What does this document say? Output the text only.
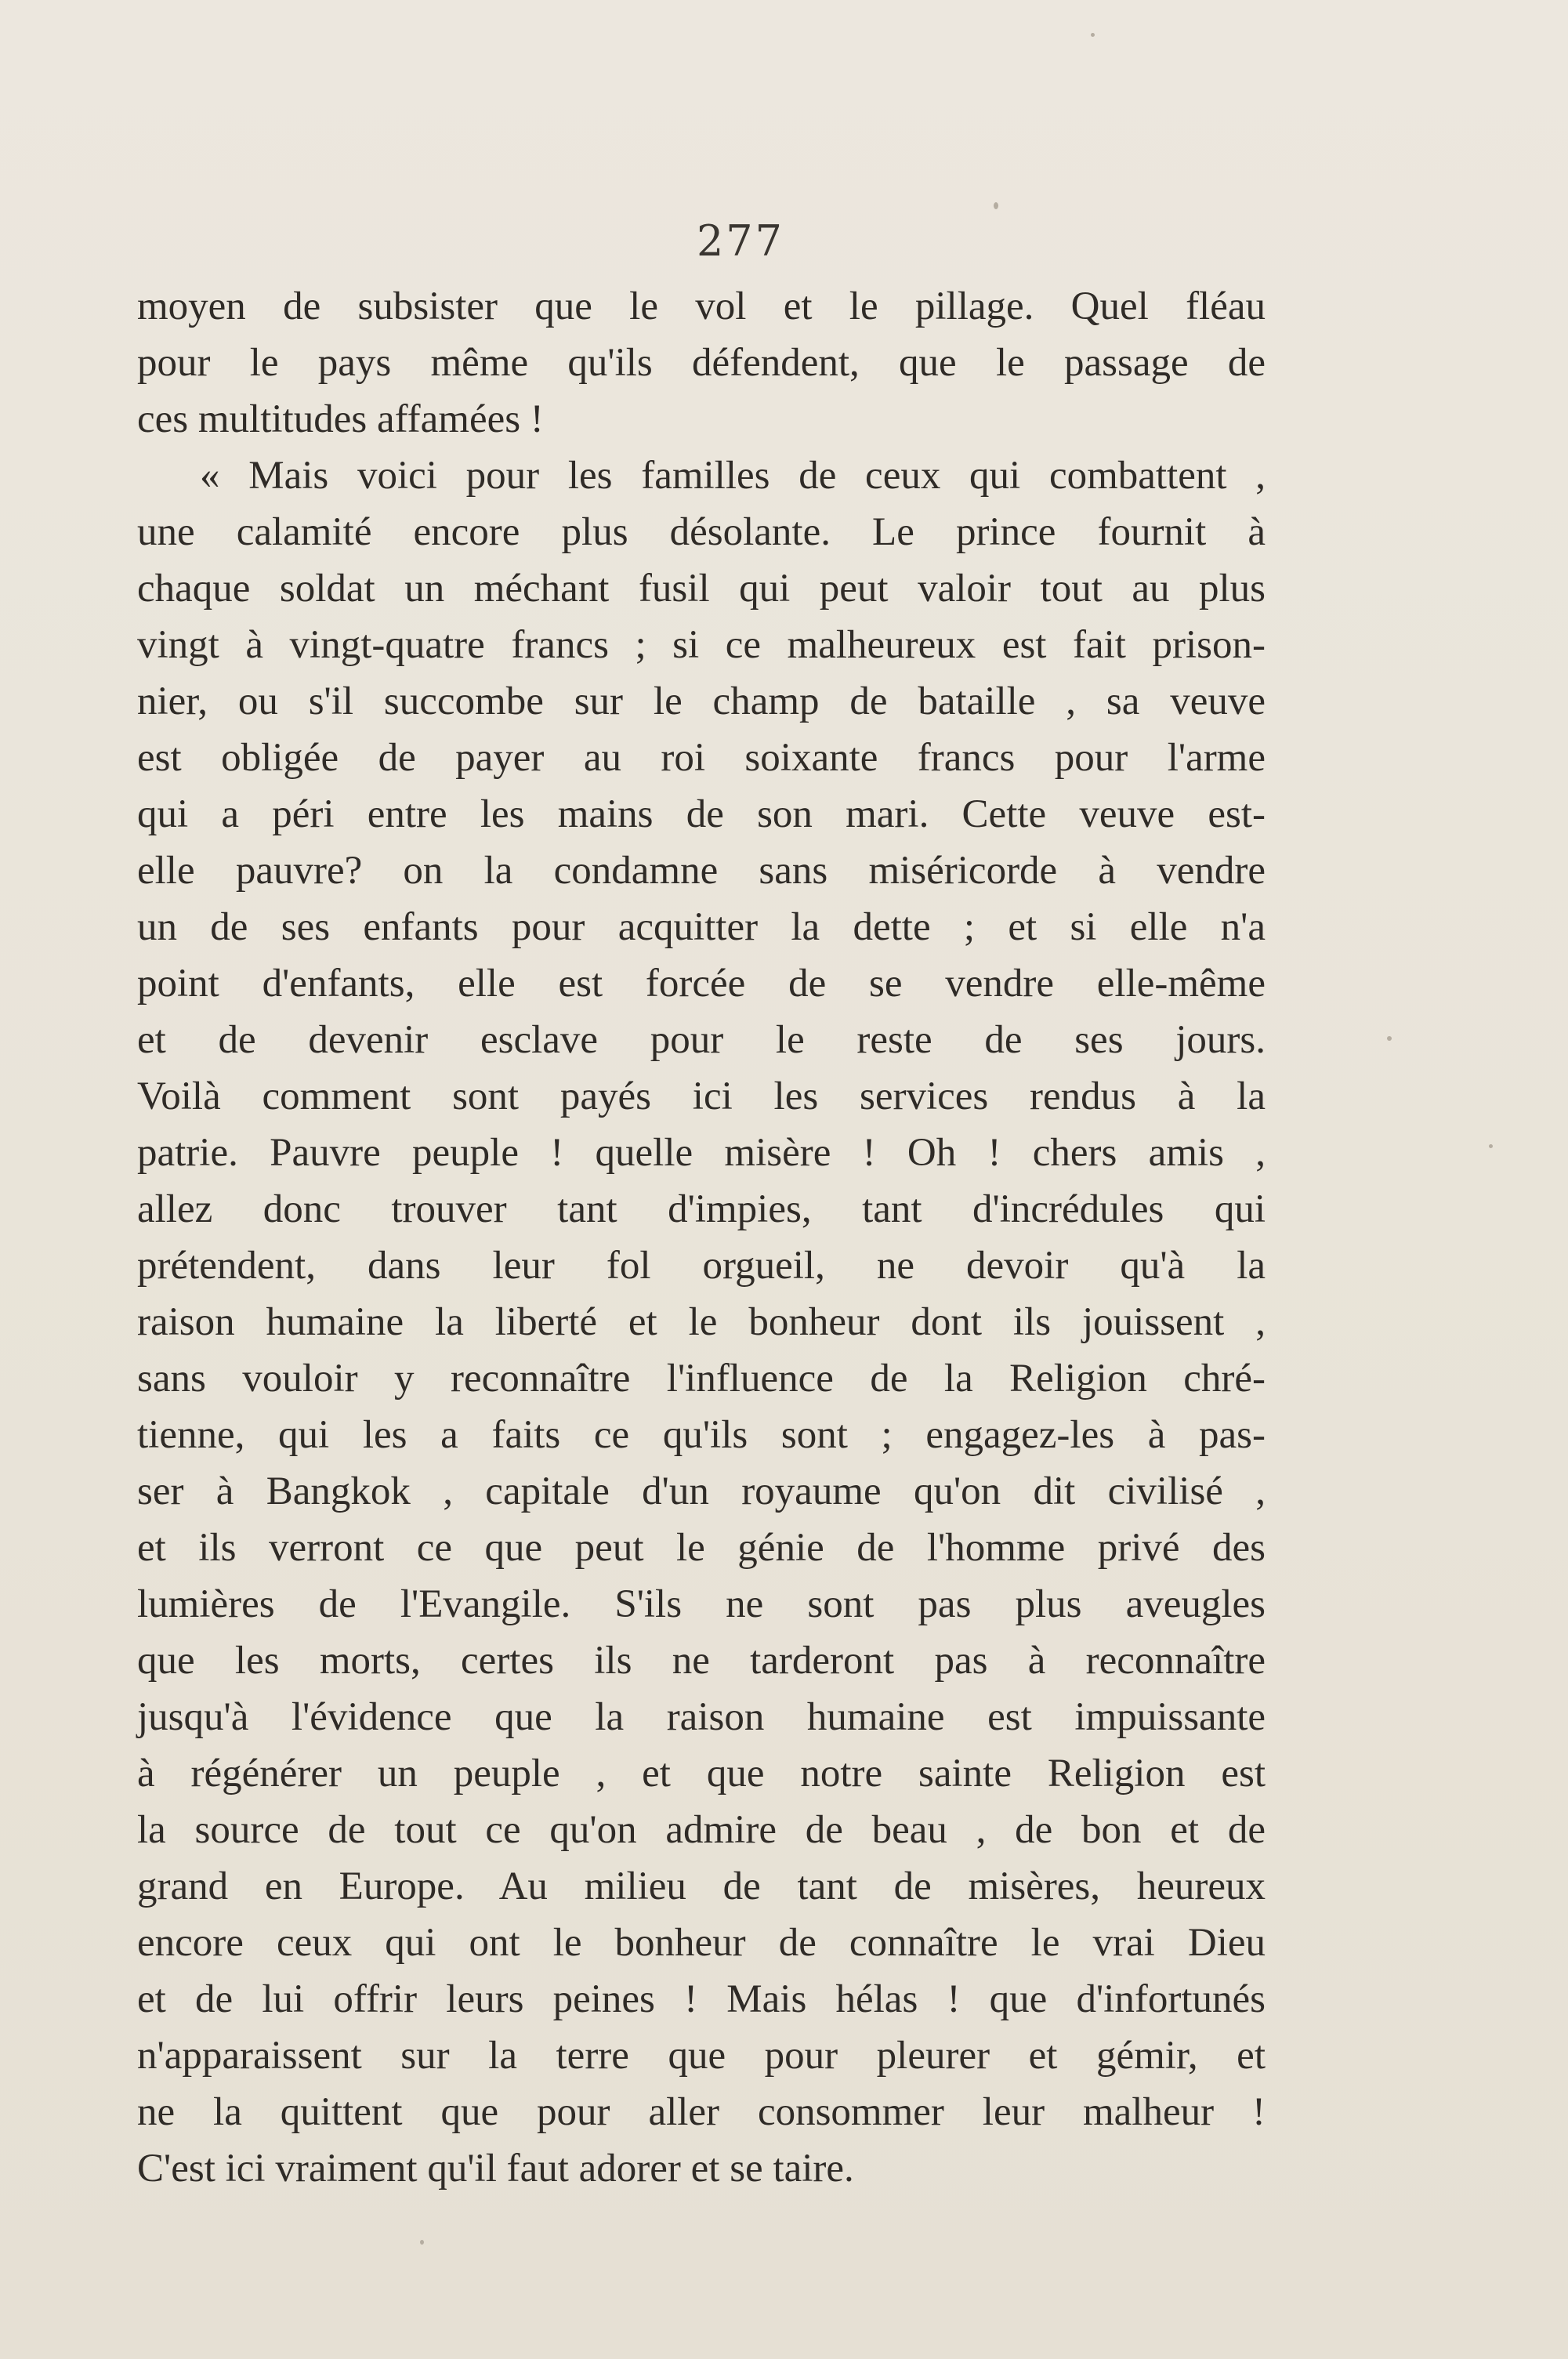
277
moyen de subsister que le vol et le pillage. Quel fléau
pour le pays même qu'ils défendent, que le passage de
ces multitudes affamées !
« Mais voici pour les familles de ceux qui combattent ,
une calamité encore plus désolante. Le prince fournit à
chaque soldat un méchant fusil qui peut valoir tout au plus
vingt à vingt-quatre francs ; si ce malheureux est fait prison-
nier, ou s'il succombe sur le champ de bataille , sa veuve
est obligée de payer au roi soixante francs pour l'arme
qui a péri entre les mains de son mari. Cette veuve est-
elle pauvre? on la condamne sans miséricorde à vendre
un de ses enfants pour acquitter la dette ; et si elle n'a
point d'enfants, elle est forcée de se vendre elle-même
et de devenir esclave pour le reste de ses jours.
Voilà comment sont payés ici les services rendus à la
patrie. Pauvre peuple ! quelle misère ! Oh ! chers amis ,
allez donc trouver tant d'impies, tant d'incrédules qui
prétendent, dans leur fol orgueil, ne devoir qu'à la
raison humaine la liberté et le bonheur dont ils jouissent ,
sans vouloir y reconnaître l'influence de la Religion chré-
tienne, qui les a faits ce qu'ils sont ; engagez-les à pas-
ser à Bangkok , capitale d'un royaume qu'on dit civilisé ,
et ils verront ce que peut le génie de l'homme privé des
lumières de l'Evangile. S'ils ne sont pas plus aveugles
que les morts, certes ils ne tarderont pas à reconnaître
jusqu'à l'évidence que la raison humaine est impuissante
à régénérer un peuple , et que notre sainte Religion est
la source de tout ce qu'on admire de beau , de bon et de
grand en Europe. Au milieu de tant de misères, heureux
encore ceux qui ont le bonheur de connaître le vrai Dieu
et de lui offrir leurs peines ! Mais hélas ! que d'infortunés
n'apparaissent sur la terre que pour pleurer et gémir, et
ne la quittent que pour aller consommer leur malheur !
C'est ici vraiment qu'il faut adorer et se taire.
